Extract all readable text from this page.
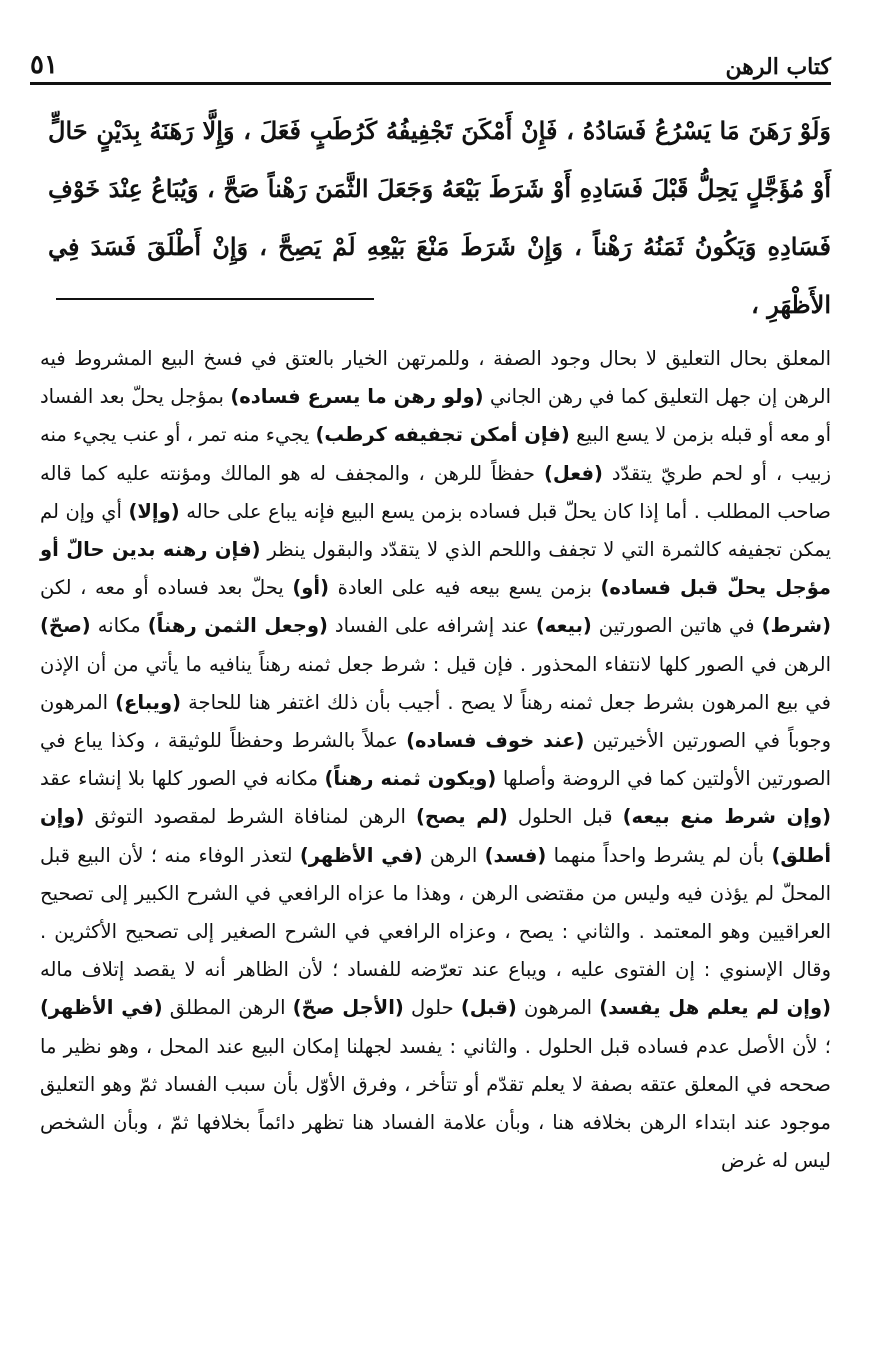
كتاب الرهن
٥١
وَلَوْ رَهَنَ مَا يَسْرُعُ فَسَادُهُ ، فَإِنْ أَمْكَنَ تَجْفِيفُهُ كَرُطَبٍ فَعَلَ ، وَإِلَّا رَهَنَهُ بِدَيْنٍ حَالٍّ أَوْ مُؤَجَّلٍ يَحِلُّ قَبْلَ فَسَادِهِ أَوْ شَرَطَ بَيْعَهُ وَجَعَلَ الثَّمَنَ رَهْناً صَحَّ ، وَيُبَاعُ عِنْدَ خَوْفِ فَسَادِهِ وَيَكُونُ ثَمَنُهُ رَهْناً ، وَإِنْ شَرَطَ مَنْعَ بَيْعِهِ لَمْ يَصِحَّ ، وَإِنْ أَطْلَقَ فَسَدَ فِي الأَظْهَرِ ،
المعلق بحال التعليق لا بحال وجود الصفة ، وللمرتهن الخيار بالعتق في فسخ البيع المشروط فيه الرهن إن جهل التعليق كما في رهن الجاني (ولو رهن ما يسرع فساده) بمؤجل يحلّ بعد الفساد أو معه أو قبله بزمن لا يسع البيع (فإن أمكن تجفيفه كرطب) يجيء منه تمر ، أو عنب يجيء منه زبيب ، أو لحم طريّ يتقدّد (فعل) حفظاً للرهن ، والمجفف له هو المالك ومؤنته عليه كما قاله صاحب المطلب . أما إذا كان يحلّ قبل فساده بزمن يسع البيع فإنه يباع على حاله (وإلا) أي وإن لم يمكن تجفيفه كالثمرة التي لا تجفف واللحم الذي لا يتقدّد والبقول ينظر (فإن رهنه بدين حالّ أو مؤجل يحلّ قبل فساده) بزمن يسع بيعه فيه على العادة (أو) يحلّ بعد فساده أو معه ، لكن (شرط) في هاتين الصورتين (بيعه) عند إشرافه على الفساد (وجعل الثمن رهناً) مكانه (صحّ) الرهن في الصور كلها لانتفاء المحذور . فإن قيل : شرط جعل ثمنه رهناً ينافيه ما يأتي من أن الإذن في بيع المرهون بشرط جعل ثمنه رهناً لا يصح . أجيب بأن ذلك اغتفر هنا للحاجة (ويباع) المرهون وجوباً في الصورتين الأخيرتين (عند خوف فساده) عملاً بالشرط وحفظاً للوثيقة ، وكذا يباع في الصورتين الأولتين كما في الروضة وأصلها (ويكون ثمنه رهناً) مكانه في الصور كلها بلا إنشاء عقد (وإن شرط منع بيعه) قبل الحلول (لم يصح) الرهن لمنافاة الشرط لمقصود التوثق (وإن أطلق) بأن لم يشرط واحداً منهما (فسد) الرهن (في الأظهر) لتعذر الوفاء منه ؛ لأن البيع قبل المحلّ لم يؤذن فيه وليس من مقتضى الرهن ، وهذا ما عزاه الرافعي في الشرح الكبير إلى تصحيح العراقيين وهو المعتمد . والثاني : يصح ، وعزاه الرافعي في الشرح الصغير إلى تصحيح الأكثرين . وقال الإسنوي : إن الفتوى عليه ، ويباع عند تعرّضه للفساد ؛ لأن الظاهر أنه لا يقصد إتلاف ماله (وإن لم يعلم هل يفسد) المرهون (قبل) حلول (الأجل صحّ) الرهن المطلق (في الأظهر) ؛ لأن الأصل عدم فساده قبل الحلول . والثاني : يفسد لجهلنا إمكان البيع عند المحل ، وهو نظير ما صححه في المعلق عتقه بصفة لا يعلم تقدّم أو تتأخر ، وفرق الأوّل بأن سبب الفساد ثمّ وهو التعليق موجود عند ابتداء الرهن بخلافه هنا ، وبأن علامة الفساد هنا تظهر دائماً بخلافها ثمّ ، وبأن الشخص ليس له غرض
